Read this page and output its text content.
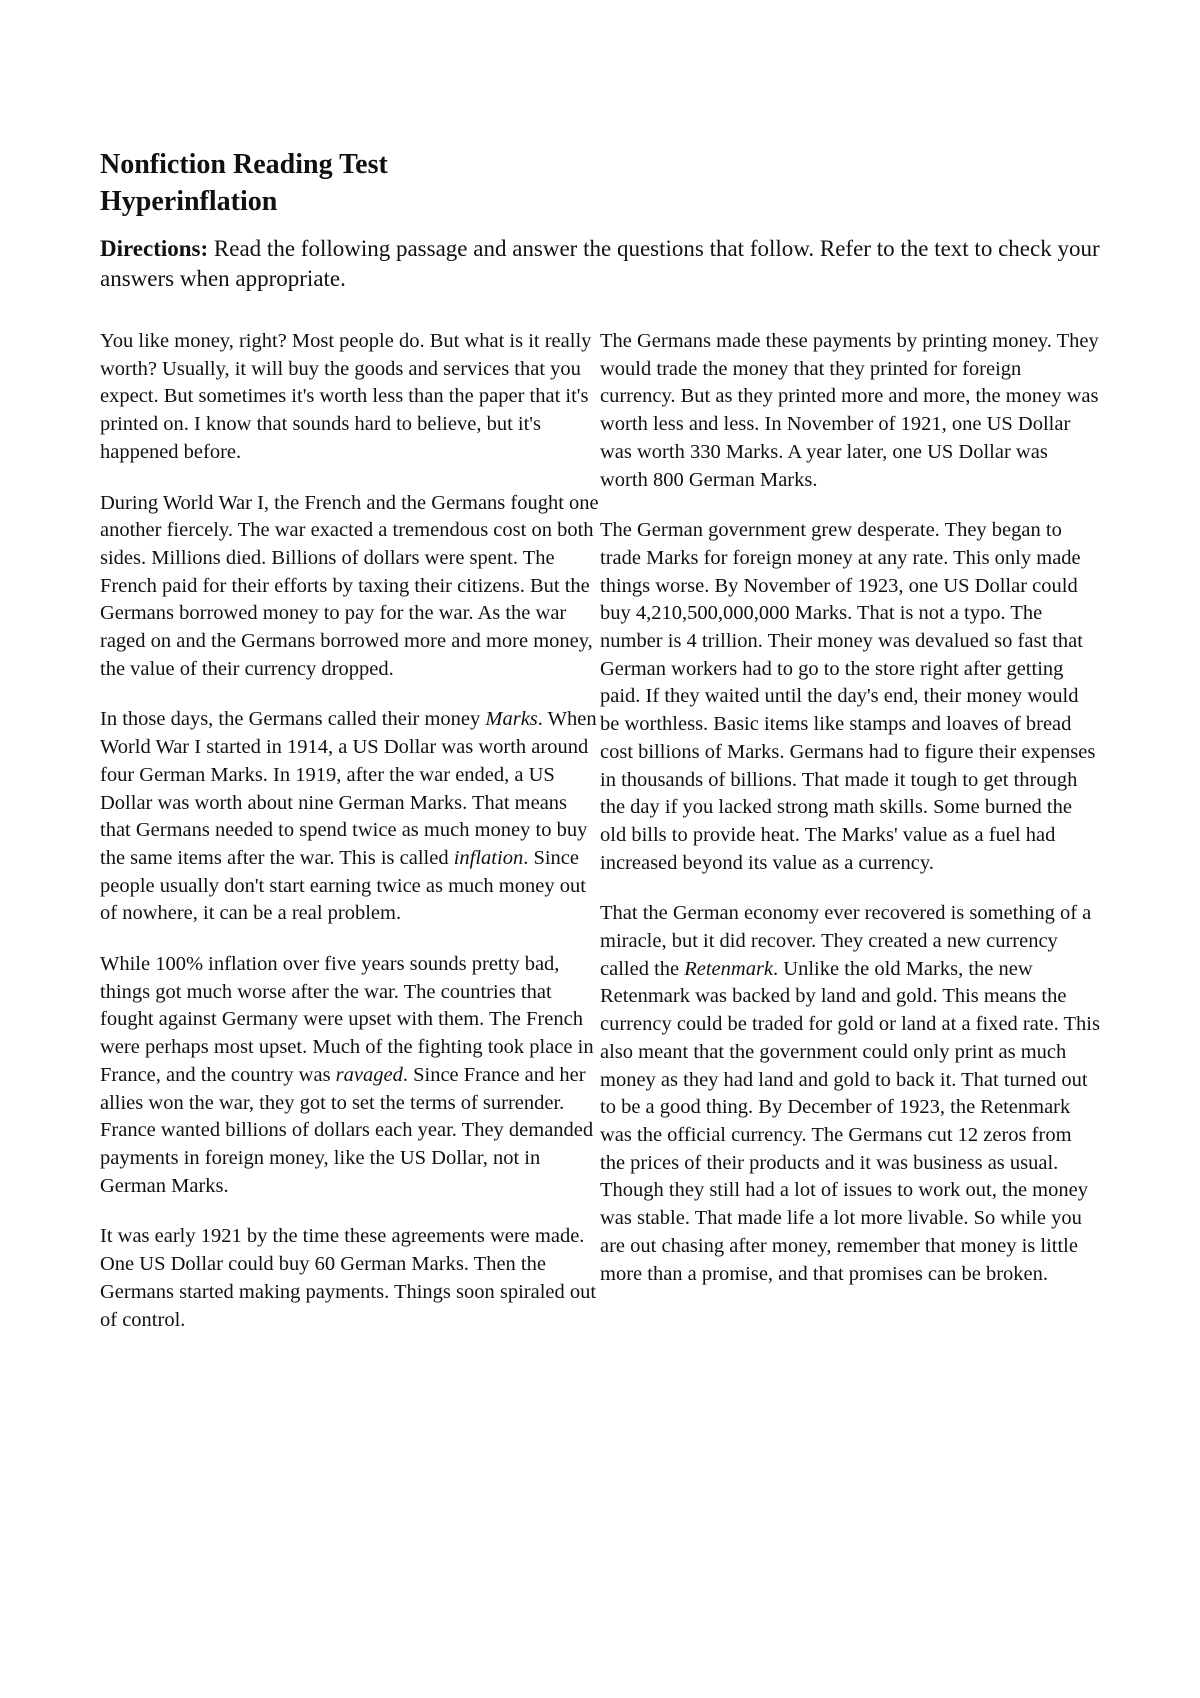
Nonfiction Reading Test
Hyperinflation

Directions: Read the following passage and answer the questions that follow. Refer to the text to check your answers when appropriate.

You like money, right? Most people do. But what is it really worth? Usually, it will buy the goods and services that you expect. But sometimes it's worth less than the paper that it's printed on. I know that sounds hard to believe, but it's happened before.

During World War I, the French and the Germans fought one another fiercely. The war exacted a tremendous cost on both sides. Millions died. Billions of dollars were spent. The French paid for their efforts by taxing their citizens. But the Germans borrowed money to pay for the war. As the war raged on and the Germans borrowed more and more money, the value of their currency dropped.

In those days, the Germans called their money Marks. When World War I started in 1914, a US Dollar was worth around four German Marks. In 1919, after the war ended, a US Dollar was worth about nine German Marks. That means that Germans needed to spend twice as much money to buy the same items after the war. This is called inflation. Since people usually don't start earning twice as much money out of nowhere, it can be a real problem.

While 100% inflation over five years sounds pretty bad, things got much worse after the war. The countries that fought against Germany were upset with them. The French were perhaps most upset. Much of the fighting took place in France, and the country was ravaged. Since France and her allies won the war, they got to set the terms of surrender. France wanted billions of dollars each year. They demanded payments in foreign money, like the US Dollar, not in German Marks.

It was early 1921 by the time these agreements were made. One US Dollar could buy 60 German Marks. Then the Germans started making payments. Things soon spiraled out of control.

The Germans made these payments by printing money. They would trade the money that they printed for foreign currency. But as they printed more and more, the money was worth less and less. In November of 1921, one US Dollar was worth 330 Marks. A year later, one US Dollar was worth 800 German Marks.

The German government grew desperate. They began to trade Marks for foreign money at any rate. This only made things worse. By November of 1923, one US Dollar could buy 4,210,500,000,000 Marks. That is not a typo. The number is 4 trillion. Their money was devalued so fast that German workers had to go to the store right after getting paid. If they waited until the day's end, their money would be worthless. Basic items like stamps and loaves of bread cost billions of Marks. Germans had to figure their expenses in thousands of billions. That made it tough to get through the day if you lacked strong math skills. Some burned the old bills to provide heat. The Marks' value as a fuel had increased beyond its value as a currency.

That the German economy ever recovered is something of a miracle, but it did recover. They created a new currency called the Retenmark. Unlike the old Marks, the new Retenmark was backed by land and gold. This means the currency could be traded for gold or land at a fixed rate. This also meant that the government could only print as much money as they had land and gold to back it. That turned out to be a good thing. By December of 1923, the Retenmark was the official currency. The Germans cut 12 zeros from the prices of their products and it was business as usual. Though they still had a lot of issues to work out, the money was stable. That made life a lot more livable. So while you are out chasing after money, remember that money is little more than a promise, and that promises can be broken.
